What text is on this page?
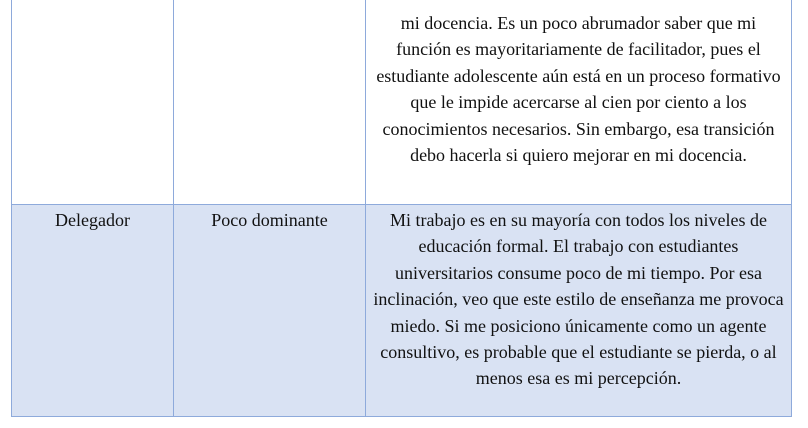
		mi docencia. Es un poco abrumador saber que mi función es mayoritariamente de facilitador, pues el estudiante adolescente aún está en un proceso formativo que le impide acercarse al cien por ciento a los conocimientos necesarios. Sin embargo, esa transición debo hacerla si quiero mejorar en mi docencia.

Delegador	Poco dominante	Mi trabajo es en su mayoría con todos los niveles de educación formal. El trabajo con estudiantes universitarios consume poco de mi tiempo. Por esa inclinación, veo que este estilo de enseñanza me provoca miedo. Si me posiciono únicamente como un agente consultivo, es probable que el estudiante se pierda, o al menos esa es mi percepción.
